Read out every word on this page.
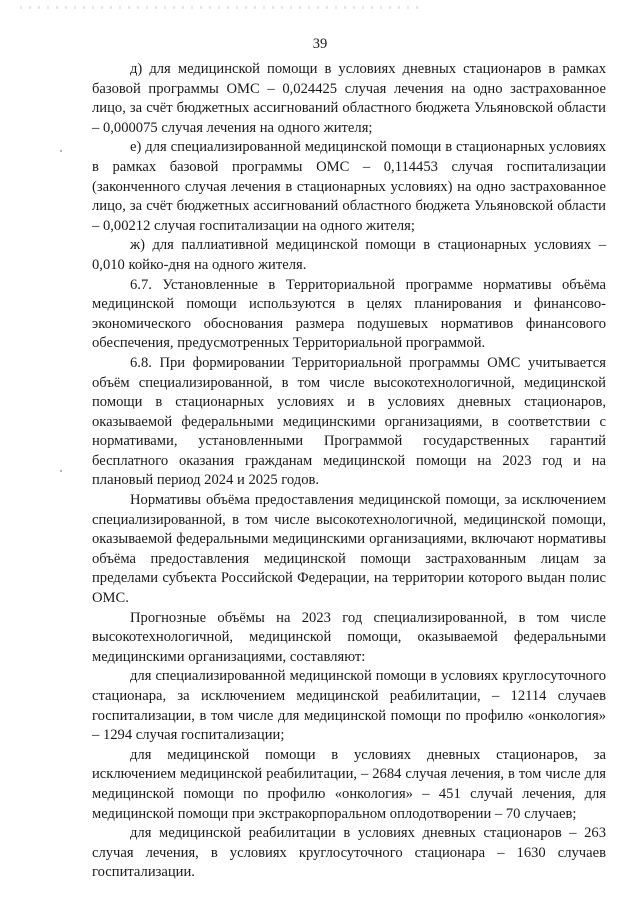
39

д) для медицинской помощи в условиях дневных стационаров в рамках базовой программы ОМС – 0,024425 случая лечения на одно застрахованное лицо, за счёт бюджетных ассигнований областного бюджета Ульяновской области – 0,000075 случая лечения на одного жителя;

е) для специализированной медицинской помощи в стационарных условиях в рамках базовой программы ОМС – 0,114453 случая госпитализации (законченного случая лечения в стационарных условиях) на одно застрахованное лицо, за счёт бюджетных ассигнований областного бюджета Ульяновской области – 0,00212 случая госпитализации на одного жителя;

ж) для паллиативной медицинской помощи в стационарных условиях – 0,010 койко-дня на одного жителя.

6.7. Установленные в Территориальной программе нормативы объёма медицинской помощи используются в целях планирования и финансово-экономического обоснования размера подушевых нормативов финансового обеспечения, предусмотренных Территориальной программой.

6.8. При формировании Территориальной программы ОМС учитывается объём специализированной, в том числе высокотехнологичной, медицинской помощи в стационарных условиях и в условиях дневных стационаров, оказываемой федеральными медицинскими организациями, в соответствии с нормативами, установленными Программой государственных гарантий бесплатного оказания гражданам медицинской помощи на 2023 год и на плановый период 2024 и 2025 годов.

Нормативы объёма предоставления медицинской помощи, за исключением специализированной, в том числе высокотехнологичной, медицинской помощи, оказываемой федеральными медицинскими организациями, включают нормативы объёма предоставления медицинской помощи застрахованным лицам за пределами субъекта Российской Федерации, на территории которого выдан полис ОМС.

Прогнозные объёмы на 2023 год специализированной, в том числе высокотехнологичной, медицинской помощи, оказываемой федеральными медицинскими организациями, составляют:

для специализированной медицинской помощи в условиях круглосуточного стационара, за исключением медицинской реабилитации, – 12114 случаев госпитализации, в том числе для медицинской помощи по профилю «онкология» – 1294 случая госпитализации;

для медицинской помощи в условиях дневных стационаров, за исключением медицинской реабилитации, – 2684 случая лечения, в том числе для медицинской помощи по профилю «онкология» – 451 случай лечения, для медицинской помощи при экстракорпоральном оплодотворении – 70 случаев;

для медицинской реабилитации в условиях дневных стационаров – 263 случая лечения, в условиях круглосуточного стационара – 1630 случаев госпитализации.
